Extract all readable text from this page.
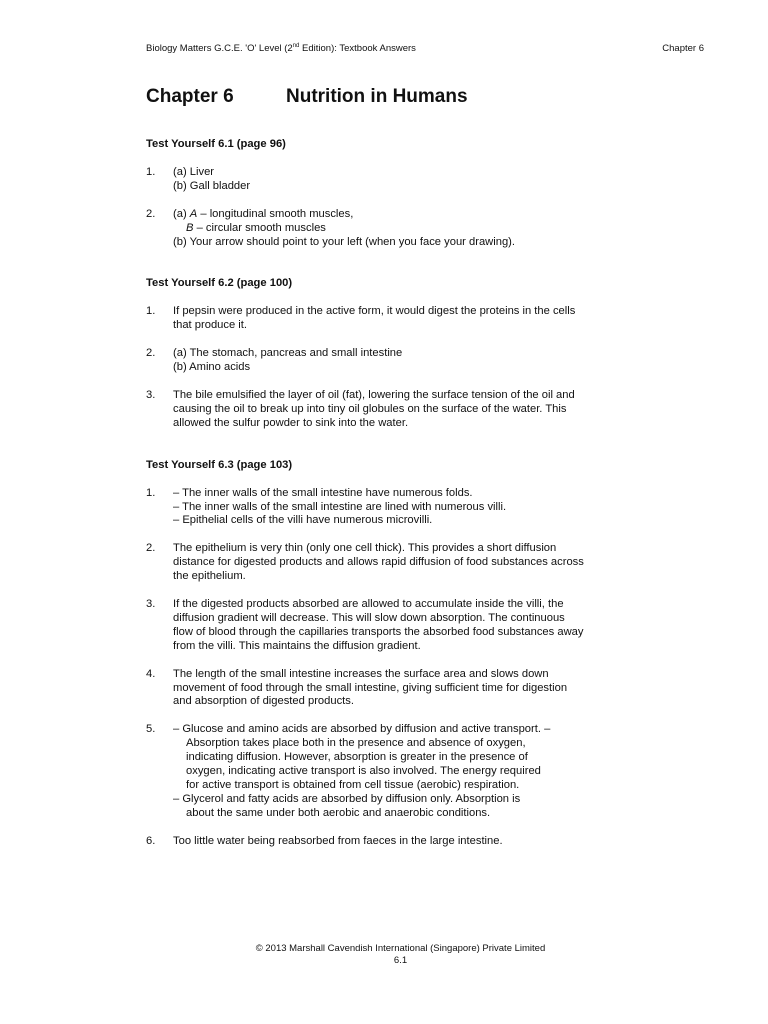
Biology Matters G.C.E. 'O' Level (2nd Edition): Textbook Answers	Chapter 6
Chapter 6	Nutrition in Humans
Test Yourself 6.1 (page 96)
1.	(a) Liver
(b) Gall bladder
2.	(a) A – longitudinal smooth muscles,
B – circular smooth muscles
(b) Your arrow should point to your left (when you face your drawing).
Test Yourself 6.2 (page 100)
1.	If pepsin were produced in the active form, it would digest the proteins in the cells
that produce it.
2.	(a) The stomach, pancreas and small intestine
(b) Amino acids
3.	The bile emulsified the layer of oil (fat), lowering the surface tension of the oil and
causing the oil to break up into tiny oil globules on the surface of the water. This
allowed the sulfur powder to sink into the water.
Test Yourself 6.3 (page 103)
1.	– The inner walls of the small intestine have numerous folds.
– The inner walls of the small intestine are lined with numerous villi.
– Epithelial cells of the villi have numerous microvilli.
2.	The epithelium is very thin (only one cell thick). This provides a short diffusion
distance for digested products and allows rapid diffusion of food substances across
the epithelium.
3.	If the digested products absorbed are allowed to accumulate inside the villi, the
diffusion gradient will decrease. This will slow down absorption. The continuous
flow of blood through the capillaries transports the absorbed food substances away
from the villi. This maintains the diffusion gradient.
4.	The length of the small intestine increases the surface area and slows down
movement of food through the small intestine, giving sufficient time for digestion
and absorption of digested products.
5.	– Glucose and amino acids are absorbed by diffusion and active transport. –
Absorption takes place both in the presence and absence of oxygen,
indicating diffusion. However, absorption is greater in the presence of
oxygen, indicating active transport is also involved. The energy required
for active transport is obtained from cell tissue (aerobic) respiration.
– Glycerol and fatty acids are absorbed by diffusion only. Absorption is
about the same under both aerobic and anaerobic conditions.
6.	Too little water being reabsorbed from faeces in the large intestine.
© 2013 Marshall Cavendish International (Singapore) Private Limited
6.1
